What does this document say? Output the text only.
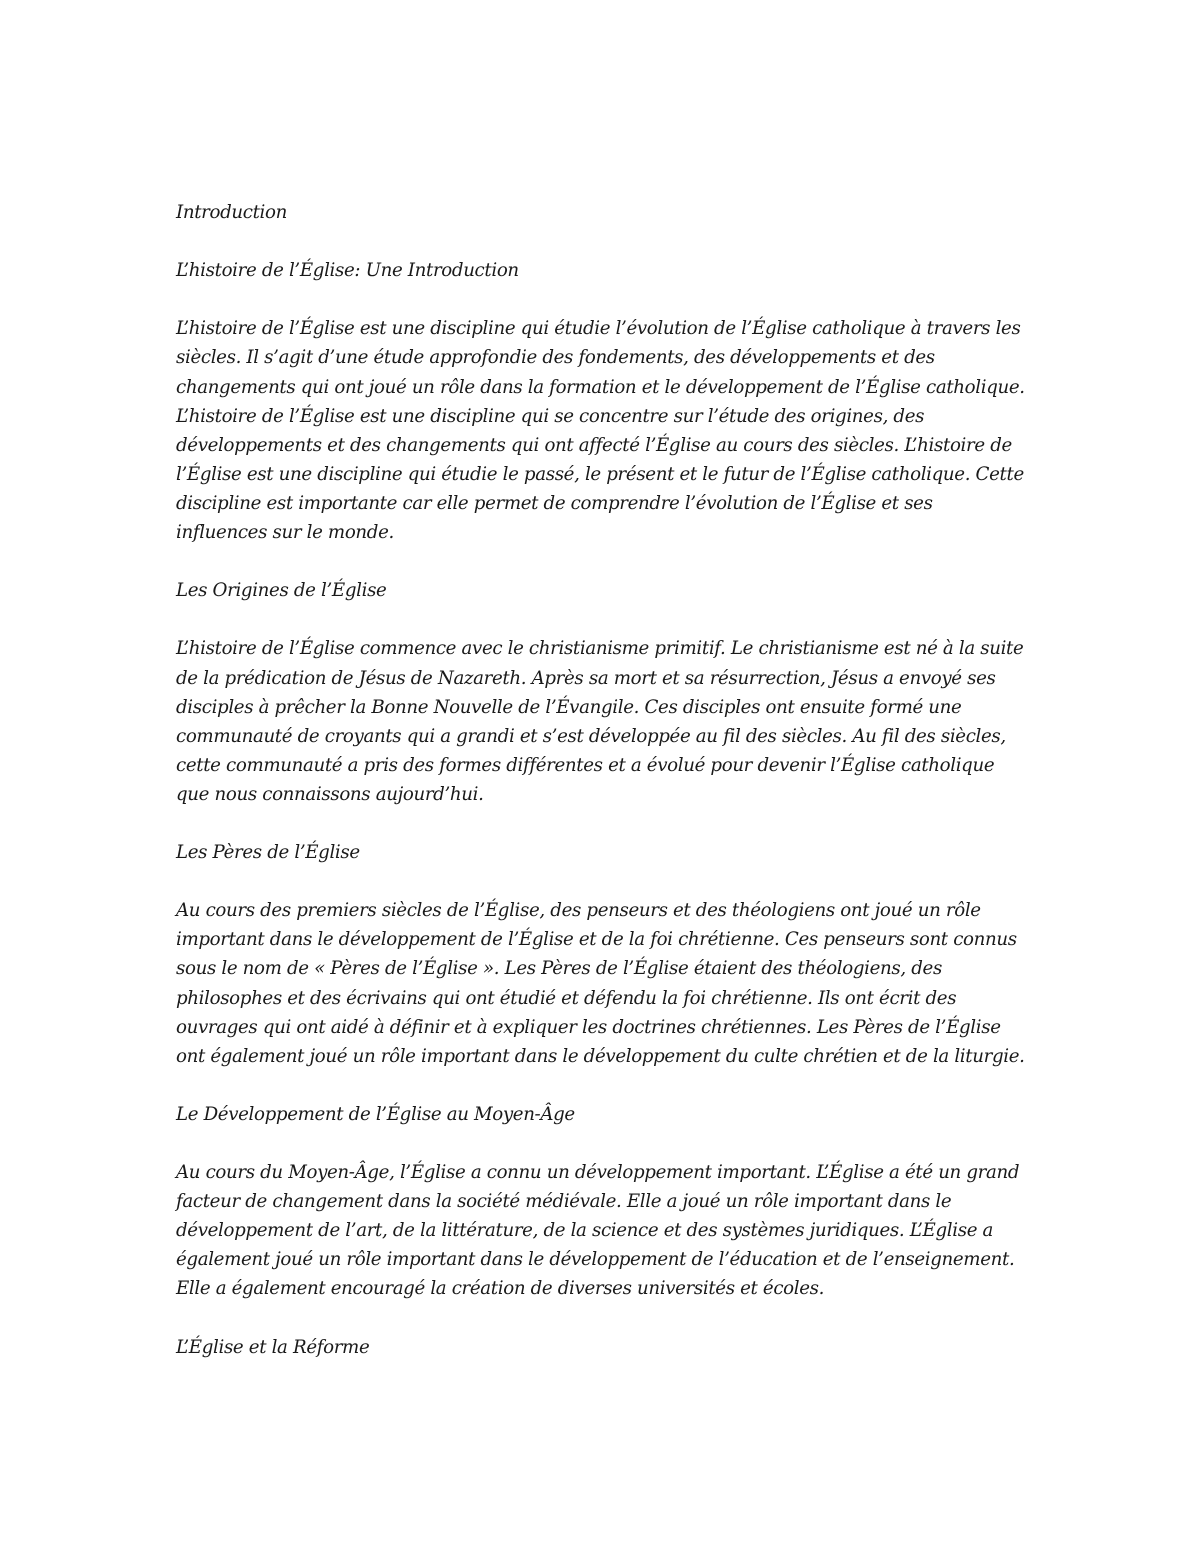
Introduction

L’histoire de l’Église: Une Introduction

L’histoire de l’Église est une discipline qui étudie l’évolution de l’Église catholique à travers les siècles. Il s’agit d’une étude approfondie des fondements, des développements et des changements qui ont joué un rôle dans la formation et le développement de l’Église catholique. L’histoire de l’Église est une discipline qui se concentre sur l’étude des origines, des développements et des changements qui ont affecté l’Église au cours des siècles. L’histoire de l’Église est une discipline qui étudie le passé, le présent et le futur de l’Église catholique. Cette discipline est importante car elle permet de comprendre l’évolution de l’Église et ses influences sur le monde.

Les Origines de l’Église

L’histoire de l’Église commence avec le christianisme primitif. Le christianisme est né à la suite de la prédication de Jésus de Nazareth. Après sa mort et sa résurrection, Jésus a envoyé ses disciples à prêcher la Bonne Nouvelle de l’Évangile. Ces disciples ont ensuite formé une communauté de croyants qui a grandi et s’est développée au fil des siècles. Au fil des siècles, cette communauté a pris des formes différentes et a évolué pour devenir l’Église catholique que nous connaissons aujourd’hui.

Les Pères de l’Église

Au cours des premiers siècles de l’Église, des penseurs et des théologiens ont joué un rôle important dans le développement de l’Église et de la foi chrétienne. Ces penseurs sont connus sous le nom de « Pères de l’Église ». Les Pères de l’Église étaient des théologiens, des philosophes et des écrivains qui ont étudié et défendu la foi chrétienne. Ils ont écrit des ouvrages qui ont aidé à définir et à expliquer les doctrines chrétiennes. Les Pères de l’Église ont également joué un rôle important dans le développement du culte chrétien et de la liturgie.

Le Développement de l’Église au Moyen-Âge

Au cours du Moyen-Âge, l’Église a connu un développement important. L’Église a été un grand facteur de changement dans la société médiévale. Elle a joué un rôle important dans le développement de l’art, de la littérature, de la science et des systèmes juridiques. L’Église a également joué un rôle important dans le développement de l’éducation et de l’enseignement. Elle a également encouragé la création de diverses universités et écoles.

L’Église et la Réforme
